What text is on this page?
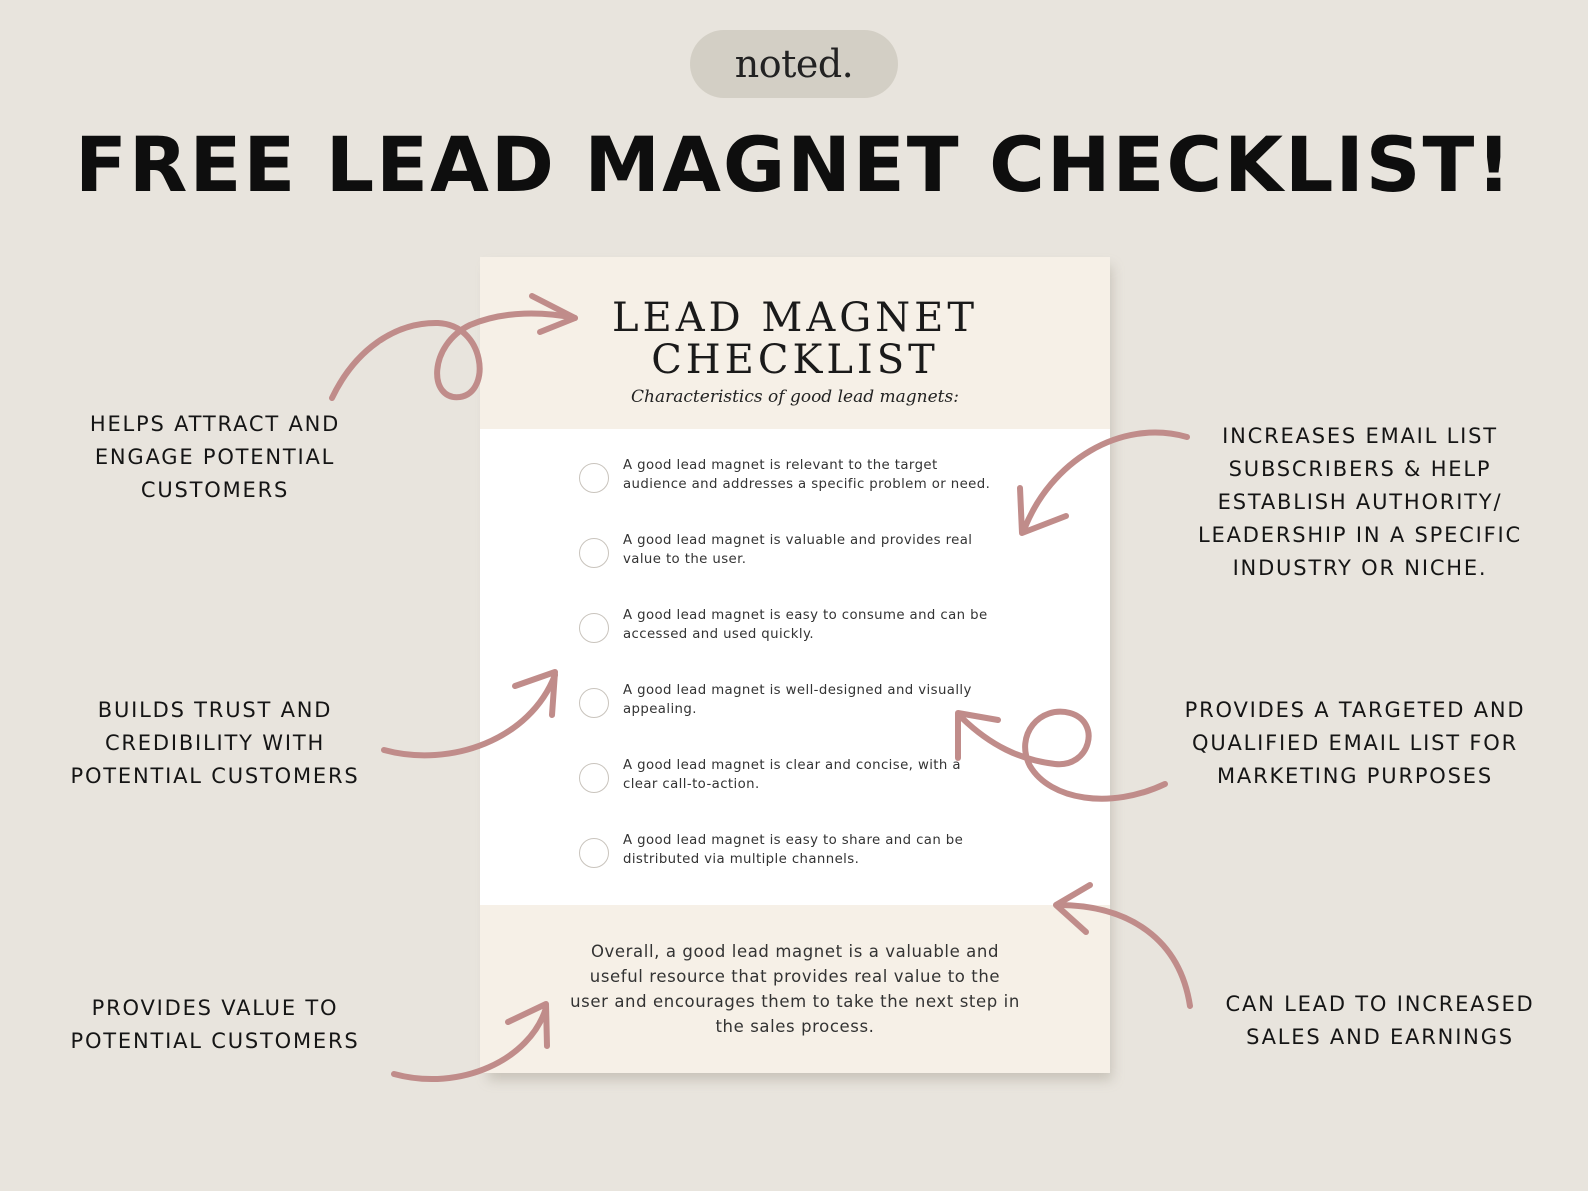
noted.
FREE LEAD MAGNET CHECKLIST!
LEAD MAGNET
CHECKLIST
Characteristics of good lead magnets:
A good lead magnet is relevant to the target
audience and addresses a specific problem or need.
A good lead magnet is valuable and provides real
value to the user.
A good lead magnet is easy to consume and can be
accessed and used quickly.
A good lead magnet is well-designed and visually
appealing.
A good lead magnet is clear and concise, with a
clear call-to-action.
A good lead magnet is easy to share and can be
distributed via multiple channels.
Overall, a good lead magnet is a valuable and
useful resource that provides real value to the
user and encourages them to take the next step in
the sales process.
HELPS ATTRACT AND
ENGAGE POTENTIAL
CUSTOMERS
BUILDS TRUST AND
CREDIBILITY WITH
POTENTIAL CUSTOMERS
PROVIDES VALUE TO
POTENTIAL CUSTOMERS
INCREASES EMAIL LIST
SUBSCRIBERS & HELP
ESTABLISH AUTHORITY/
LEADERSHIP IN A SPECIFIC
INDUSTRY OR NICHE.
PROVIDES A TARGETED AND
QUALIFIED EMAIL LIST FOR
MARKETING PURPOSES
CAN LEAD TO INCREASED
SALES AND EARNINGS
